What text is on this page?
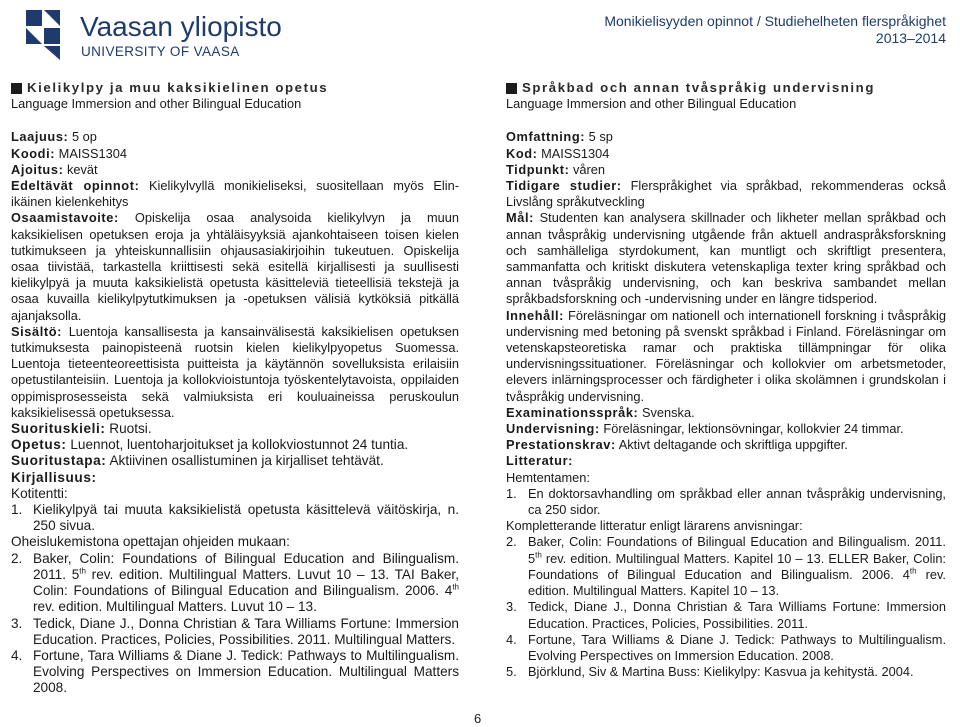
Vaasan yliopisto
UNIVERSITY OF VAASA
Monikielisyyden opinnot / Studiehelheten flerspråkighet
2013–2014
Kielikylpy ja muu kaksikielinen opetus
Language Immersion and other Bilingual Education

Laajuus: 5 op

Koodi: MAISS1304

Ajoitus: kevät

Edeltävät opinnot: Kielikylvyllä monikieliseksi, suositellaan myös Elin-ikäinen kielenkehitys

Osaamistavoite: Opiskelija osaa analysoida kielikylvyn ja muun kaksikielisen opetuksen eroja ja yhtäläisyyksiä ajankohtaiseen toisen kielen tutkimukseen ja yhteiskunnallisiin ohjausasiakirjoihin tukeutuen. Opiskelija osaa tiivistää, tarkastella kriittisesti sekä esitellä kirjallisesti ja suullisesti kielikylpyä ja muuta kaksikielistä opetusta käsitteleviä tieteellisiä tekstejä ja osaa kuvailla kielikylpytutkimuksen ja -opetuksen välisiä kytköksiä pitkällä ajanjaksolla.

Sisältö: Luentoja kansallisesta ja kansainvälisestä kaksikielisen opetuksen tutkimuksesta painopisteenä ruotsin kielen kielikylpyopetus Suomessa. Luentoja tieteenteoreettisista puitteista ja käytännön sovelluksista erilaisiin opetustilanteisiin. Luentoja ja kollokvioistuntoja työskentelytavoista, oppilaiden oppimisprosesseista sekä valmiuksista eri kouluaineissa peruskoulun kaksikielisessä opetuksessa.

Suorituskieli: Ruotsi.

Opetus: Luennot, luentoharjoitukset ja kollokviostunnot 24 tuntia.

Suoritustapa: Aktiivinen osallistuminen ja kirjalliset tehtävät.

Kirjallisuus:

Kotitentti:

1. Kielikylpyä tai muuta kaksikielistä opetusta käsittelevä väitöskirja, n. 250 sivua.

Oheislukemistona opettajan ohjeiden mukaan:

2. Baker, Colin: Foundations of Bilingual Education and Bilingualism. 2011. 5th rev. edition. Multilingual Matters. Luvut 10 – 13. TAI Baker, Colin: Foundations of Bilingual Education and Bilingualism. 2006. 4th rev. edition. Multilingual Matters. Luvut 10 – 13.
3. Tedick, Diane J., Donna Christian & Tara Williams Fortune: Immersion Education. Practices, Policies, Possibilities. 2011. Multilingual Matters.
4. Fortune, Tara Williams & Diane J. Tedick: Pathways to Multilingualism. Evolving Perspectives on Immersion Education. Multilingual Matters 2008.
Språkbad och annan tvåspråkig undervisning
Language Immersion and other Bilingual Education

Omfattning: 5 sp

Kod: MAISS1304

Tidpunkt: våren

Tidigare studier: Flerspråkighet via språkbad, rekommenderas också Livslång språkutveckling

Mål: Studenten kan analysera skillnader och likheter mellan språkbad och annan tvåspråkig undervisning utgående från aktuell andraspråksforskning och samhälleliga styrdokument, kan muntligt och skriftligt presentera, sammanfatta och kritiskt diskutera vetenskapliga texter kring språkbad och annan tvåspråkig undervisning, och kan beskriva sambandet mellan språkbadsforskning och -undervisning under en längre tidsperiod.

Innehåll: Föreläsningar om nationell och internationell forskning i tvåspråkig undervisning med betoning på svenskt språkbad i Finland. Föreläsningar om vetenskapsteoretiska ramar och praktiska tillämpningar för olika undervisningssituationer. Föreläsningar och kollokvier om arbetsmetoder, elevers inlärningsprocesser och färdigheter i olika skolämnen i grundskolan i tvåspråkig undervisning.

Examinationsspråk: Svenska.

Undervisning: Föreläsningar, lektionsövningar, kollokvier 24 timmar.

Prestationskrav: Aktivt deltagande och skriftliga uppgifter.

Litteratur:

Hemtentamen:

1. En doktorsavhandling om språkbad eller annan tvåspråkig undervisning, ca 250 sidor.

Kompletterande litteratur enligt lärarens anvisningar:

2. Baker, Colin: Foundations of Bilingual Education and Bilingualism. 2011. 5th rev. edition. Multilingual Matters. Kapitel 10 – 13. ELLER Baker, Colin: Foundations of Bilingual Education and Bilingualism. 2006. 4th rev. edition. Multilingual Matters. Kapitel 10 – 13.
3. Tedick, Diane J., Donna Christian & Tara Williams Fortune: Immersion Education. Practices, Policies, Possibilities. 2011.
4. Fortune, Tara Williams & Diane J. Tedick: Pathways to Multilingualism. Evolving Perspectives on Immersion Education. 2008.
5. Björklund, Siv & Martina Buss: Kielikylpy: Kasvua ja kehitystä. 2004.
6
